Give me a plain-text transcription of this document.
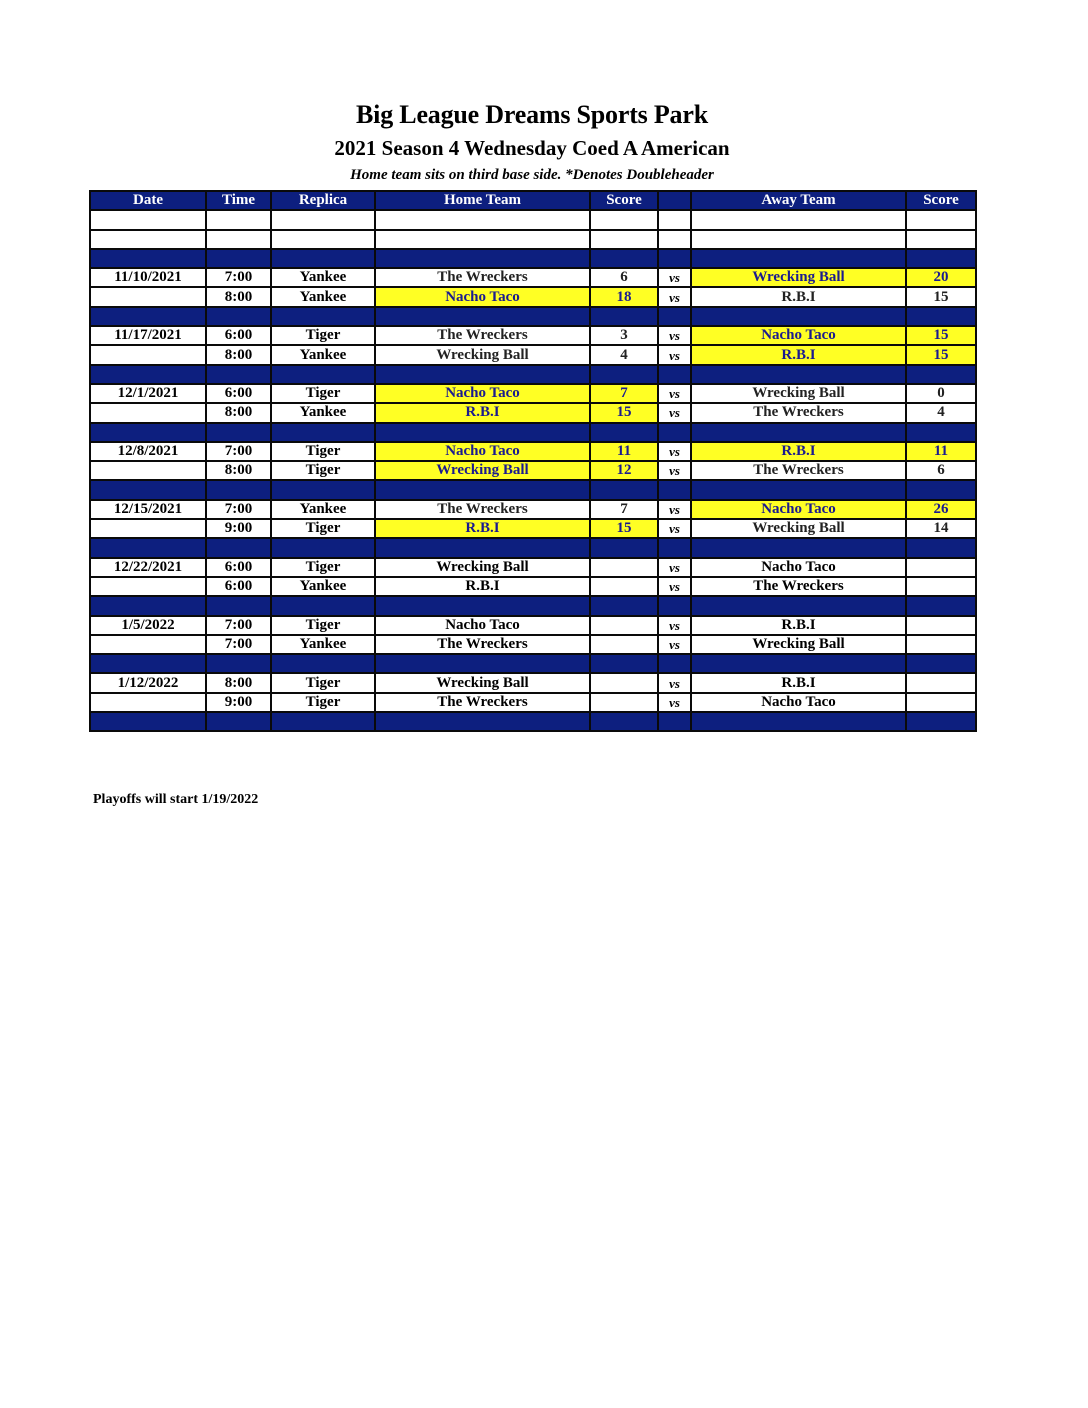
Big League Dreams Sports Park
2021 Season 4 Wednesday Coed A American
Home team sits on third base side. *Denotes Doubleheader
Date	Time	Replica	Home Team	Score		Away Team	Score

11/10/2021	7:00	Yankee	The Wreckers	6	vs	Wrecking Ball	20
	8:00	Yankee	Nacho Taco	18	vs	R.B.I	15

11/17/2021	6:00	Tiger	The Wreckers	3	vs	Nacho Taco	15
	8:00	Yankee	Wrecking Ball	4	vs	R.B.I	15

12/1/2021	6:00	Tiger	Nacho Taco	7	vs	Wrecking Ball	0
	8:00	Yankee	R.B.I	15	vs	The Wreckers	4

12/8/2021	7:00	Tiger	Nacho Taco	11	vs	R.B.I	11
	8:00	Tiger	Wrecking Ball	12	vs	The Wreckers	6

12/15/2021	7:00	Yankee	The Wreckers	7	vs	Nacho Taco	26
	9:00	Tiger	R.B.I	15	vs	Wrecking Ball	14

12/22/2021	6:00	Tiger	Wrecking Ball		vs	Nacho Taco	
	6:00	Yankee	R.B.I		vs	The Wreckers	

1/5/2022	7:00	Tiger	Nacho Taco		vs	R.B.I	
	7:00	Yankee	The Wreckers		vs	Wrecking Ball	

1/12/2022	8:00	Tiger	Wrecking Ball		vs	R.B.I	
	9:00	Tiger	The Wreckers		vs	Nacho Taco	

Playoffs will start 1/19/2022
